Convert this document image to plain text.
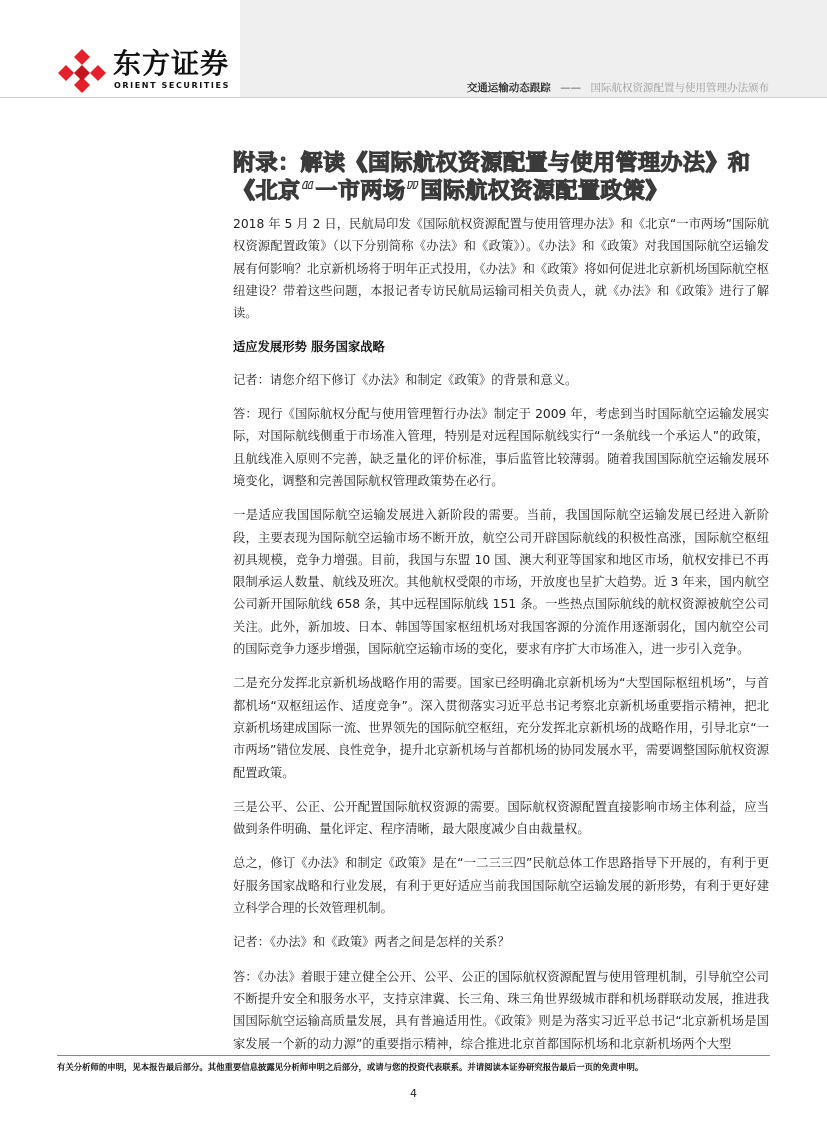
东方证券
ORIENT SECURITIES	交通运输动态跟踪 —— 国际航权资源配置与使用管理办法颁布
附录：解读《国际航权资源配置与使用管理办法》和《北京“一市两场”国际航权资源配置政策》

2018 年 5 月 2 日，民航局印发《国际航权资源配置与使用管理办法》和《北京“一市两场”国际航权资源配置政策》（以下分别简称《办法》和《政策》）。《办法》和《政策》对我国国际航空运输发展有何影响？北京新机场将于明年正式投用，《办法》和《政策》将如何促进北京新机场国际航空枢纽建设？带着这些问题，本报记者专访民航局运输司相关负责人，就《办法》和《政策》进行了解读。

适应发展形势 服务国家战略

记者：请您介绍下修订《办法》和制定《政策》的背景和意义。

答：现行《国际航权分配与使用管理暂行办法》制定于 2009 年，考虑到当时国际航空运输发展实际，对国际航线侧重于市场准入管理，特别是对远程国际航线实行“一条航线一个承运人”的政策，且航线准入原则不完善，缺乏量化的评价标准，事后监管比较薄弱。随着我国国际航空运输发展环境变化，调整和完善国际航权管理政策势在必行。

一是适应我国国际航空运输发展进入新阶段的需要。当前，我国国际航空运输发展已经进入新阶段，主要表现为国际航空运输市场不断开放，航空公司开辟国际航线的积极性高涨，国际航空枢纽初具规模，竞争力增强。目前，我国与东盟 10 国、澳大利亚等国家和地区市场，航权安排已不再限制承运人数量、航线及班次。其他航权受限的市场，开放度也呈扩大趋势。近 3 年来，国内航空公司新开国际航线 658 条，其中远程国际航线 151 条。一些热点国际航线的航权资源被航空公司关注。此外，新加坡、日本、韩国等国家枢纽机场对我国客源的分流作用逐渐弱化，国内航空公司的国际竞争力逐步增强，国际航空运输市场的变化，要求有序扩大市场准入，进一步引入竞争。

二是充分发挥北京新机场战略作用的需要。国家已经明确北京新机场为“大型国际枢纽机场”，与首都机场“双枢纽运作、适度竞争”。深入贯彻落实习近平总书记考察北京新机场重要指示精神，把北京新机场建成国际一流、世界领先的国际航空枢纽，充分发挥北京新机场的战略作用，引导北京“一市两场”错位发展、良性竞争，提升北京新机场与首都机场的协同发展水平，需要调整国际航权资源配置政策。

三是公平、公正、公开配置国际航权资源的需要。国际航权资源配置直接影响市场主体利益，应当做到条件明确、量化评定、程序清晰，最大限度减少自由裁量权。

总之，修订《办法》和制定《政策》是在“一二三三四”民航总体工作思路指导下开展的，有利于更好服务国家战略和行业发展，有利于更好适应当前我国国际航空运输发展的新形势，有利于更好建立科学合理的长效管理机制。

记者：《办法》和《政策》两者之间是怎样的关系？

答：《办法》着眼于建立健全公开、公平、公正的国际航权资源配置与使用管理机制，引导航空公司不断提升安全和服务水平，支持京津冀、长三角、珠三角世界级城市群和机场群联动发展，推进我国国际航空运输高质量发展，具有普遍适用性。《政策》则是为落实习近平总书记“北京新机场是国家发展一个新的动力源”的重要指示精神，综合推进北京首都国际机场和北京新机场两个大型

有关分析师的申明，见本报告最后部分。其他重要信息披露见分析师申明之后部分，或请与您的投资代表联系。并请阅读本证券研究报告最后一页的免责申明。
4
